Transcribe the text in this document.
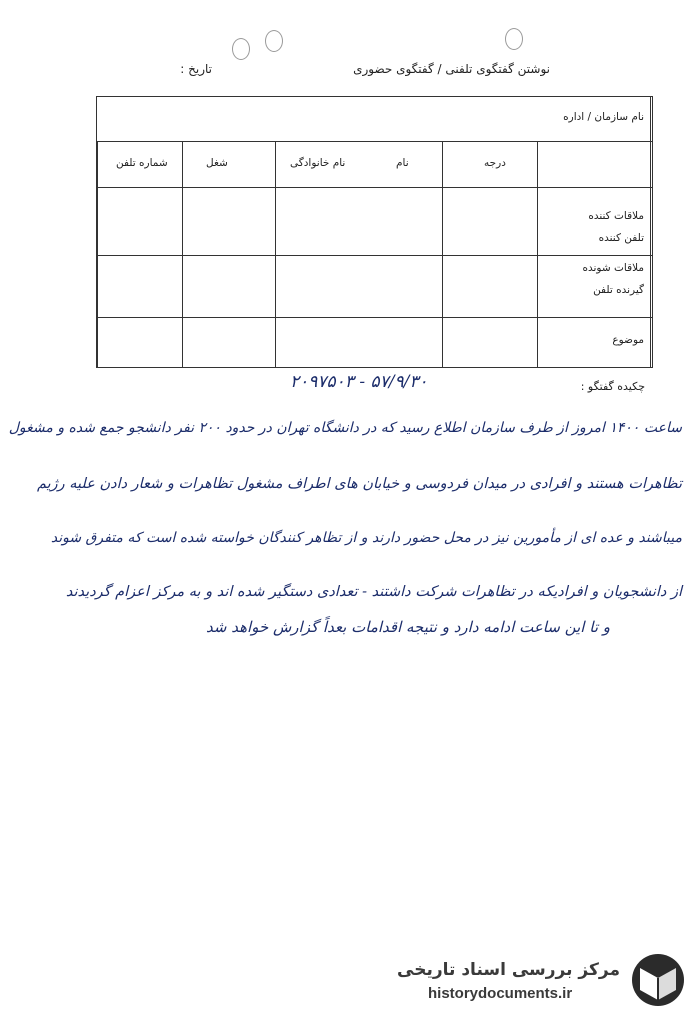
نوشتن گفتگوی تلفنی / گفتگوی حضوری
تاریخ :
نام سازمان / اداره
درجه
نام
نام خانوادگی
شغل
شماره تلفن
ملاقات کننده
تلفن کننده
ملاقات شونده
گیرنده تلفن
موضوع
چکیده گفتگو :
۵۷/۹/۳۰ - ۲۰۹۷۵۰۳
ساعت ۱۴۰۰ امروز از طرف سازمان اطلاع رسید که در دانشگاه تهران در حدود ۲۰۰ نفر دانشجو جمع شده و مشغول
تظاهرات هستند و افرادی در میدان فردوسی و خیابان های اطراف مشغول تظاهرات و شعار دادن علیه رژیم
میباشند و عده ای از مأمورین نیز در محل حضور دارند و از تظاهر کنندگان خواسته شده است که متفرق شوند
از دانشجویان و افرادیکه در تظاهرات شرکت داشتند - تعدادی دستگیر شده اند و به مرکز اعزام گردیدند
و تا این ساعت ادامه دارد و نتیجه اقدامات بعداً گزارش خواهد شد
مرکز بررسی اسناد تاریخی
historydocuments.ir
